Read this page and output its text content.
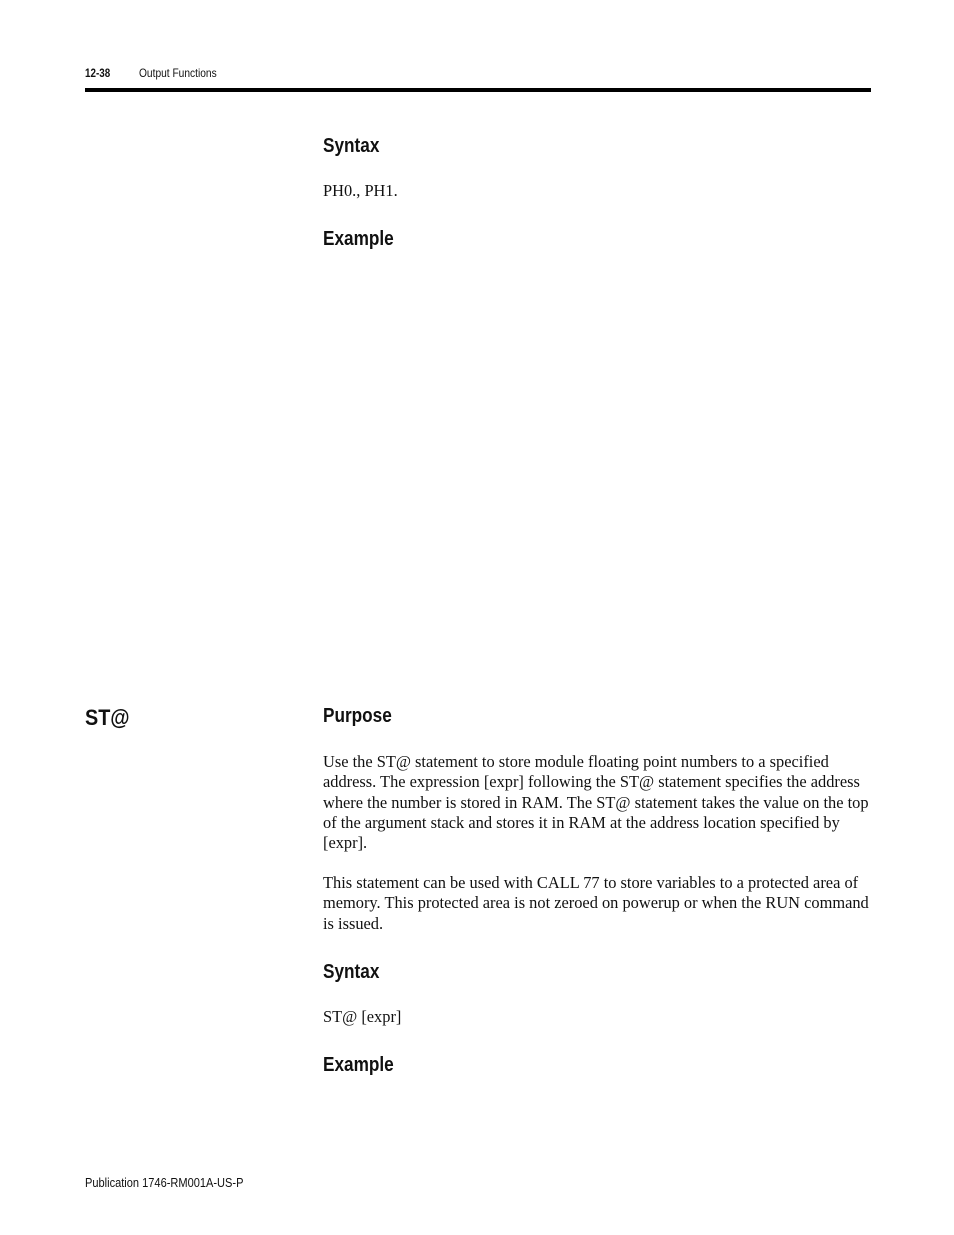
12-38 Output Functions
Syntax

PH0., PH1.

Example
ST@	Purpose

Use the ST@ statement to store module floating point numbers to a specified address. The expression [expr] following the ST@ statement specifies the address where the number is stored in RAM. The ST@ statement takes the value on the top of the argument stack and stores it in RAM at the address location specified by [expr].

This statement can be used with CALL 77 to store variables to a protected area of memory. This protected area is not zeroed on powerup or when the RUN command is issued.

Syntax

ST@ [expr]

Example
Publication 1746-RM001A-US-P
